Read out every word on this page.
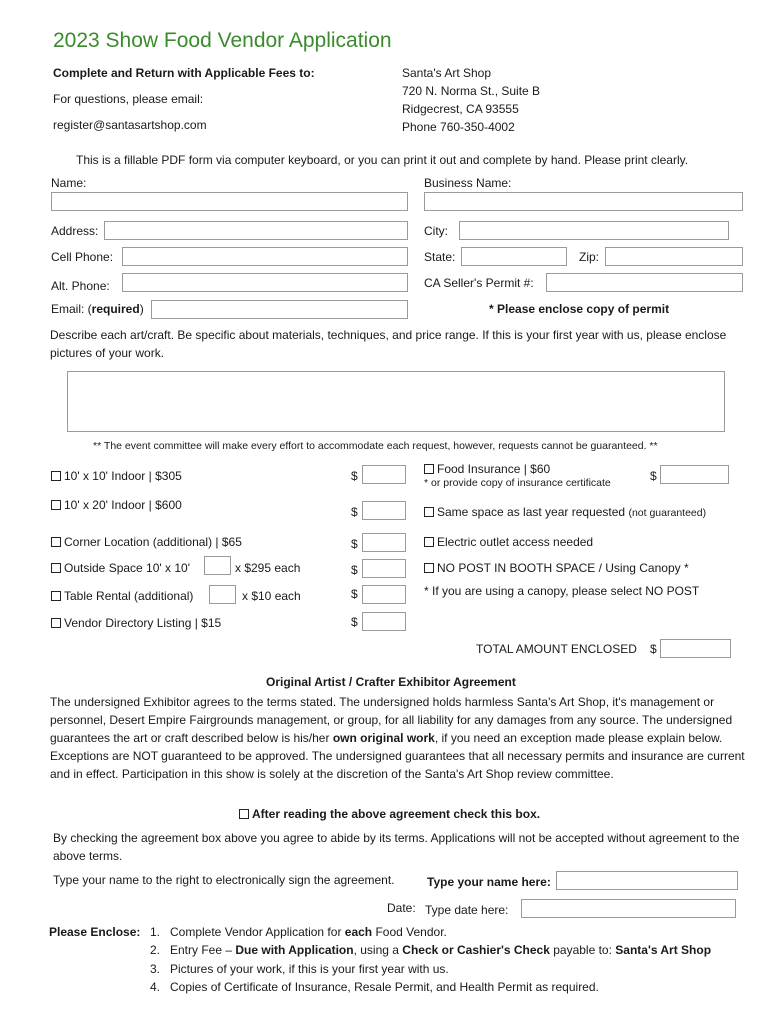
2023 Show Food Vendor Application
Complete and Return with Applicable Fees to:
For questions, please email:
register@santasartshop.com
Santa's Art Shop
720 N. Norma St., Suite B
Ridgecrest, CA 93555
Phone 760-350-4002
This is a fillable PDF form via computer keyboard, or you can print it out and complete by hand. Please print clearly.
Name:	Business Name:
Address:	City:
Cell Phone:	State:	Zip:
Alt. Phone:	CA Seller's Permit #:
Email: (required)	* Please enclose copy of permit
Describe each art/craft. Be specific about materials, techniques, and price range. If this is your first year with us, please enclose pictures of your work.
** The event committee will make every effort to accommodate each request, however, requests cannot be guaranteed. **
10' x 10' Indoor | $305	$
10' x 20' Indoor | $600	$
Corner Location (additional) | $65	$
Outside Space 10' x 10'	x $295 each	$
Table Rental (additional)	x $10 each	$
Vendor Directory Listing | $15	$
Food Insurance | $60
* or provide copy of insurance certificate	$
Same space as last year requested (not guaranteed)
Electric outlet access needed
NO POST IN BOOTH SPACE / Using Canopy *
* If you are using a canopy, please select NO POST
TOTAL AMOUNT ENCLOSED $
Original Artist / Crafter Exhibitor Agreement
The undersigned Exhibitor agrees to the terms stated. The undersigned holds harmless Santa's Art Shop, it's management or personnel, Desert Empire Fairgrounds management, or group, for all liability for any damages from any source. The undersigned guarantees the art or craft described below is his/her own original work, if you need an exception made please explain below. Exceptions are NOT guaranteed to be approved. The undersigned guarantees that all necessary permits and insurance are current and in effect. Participation in this show is solely at the discretion of the Santa's Art Shop review committee.
After reading the above agreement check this box.
By checking the agreement box above you agree to abide by its terms. Applications will not be accepted without agreement to the above terms.
Type your name to the right to electronically sign the agreement.	Type your name here:
Date: Type date here:
Please Enclose: 1. Complete Vendor Application for each Food Vendor.
2. Entry Fee – Due with Application, using a Check or Cashier's Check payable to: Santa's Art Shop
3. Pictures of your work, if this is your first year with us.
4. Copies of Certificate of Insurance, Resale Permit, and Health Permit as required.
